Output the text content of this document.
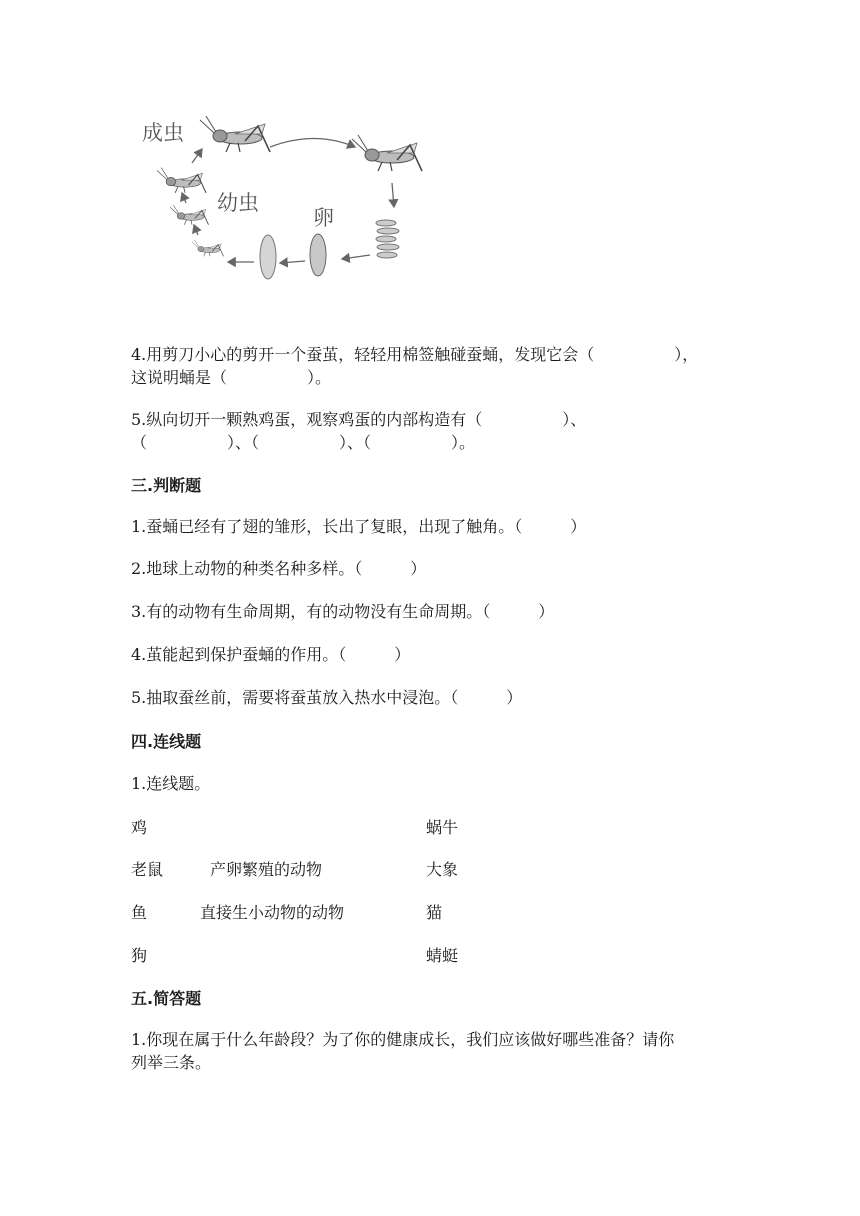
成虫
幼虫
卵
4.用剪刀小心的剪开一个蚕茧，轻轻用棉签触碰蚕蛹，发现它会（　　　　　），
这说明蛹是（　　　　　）。
5.纵向切开一颗熟鸡蛋，观察鸡蛋的内部构造有（　　　　　）、
（　　　　　）、（　　　　　）、（　　　　　）。
三.判断题
1.蚕蛹已经有了翅的雏形，长出了复眼，出现了触角。（　　　）
2.地球上动物的种类名种多样。（　　　）
3.有的动物有生命周期，有的动物没有生命周期。（　　　）
4.茧能起到保护蚕蛹的作用。（　　　）
5.抽取蚕丝前，需要将蚕茧放入热水中浸泡。（　　　）
四.连线题
1.连线题。
鸡
老鼠
鱼
狗
产卵繁殖的动物
直接生小动物的动物
蜗牛
大象
猫
蜻蜓
五.简答题
1.你现在属于什么年龄段？为了你的健康成长，我们应该做好哪些准备？请你
列举三条。
